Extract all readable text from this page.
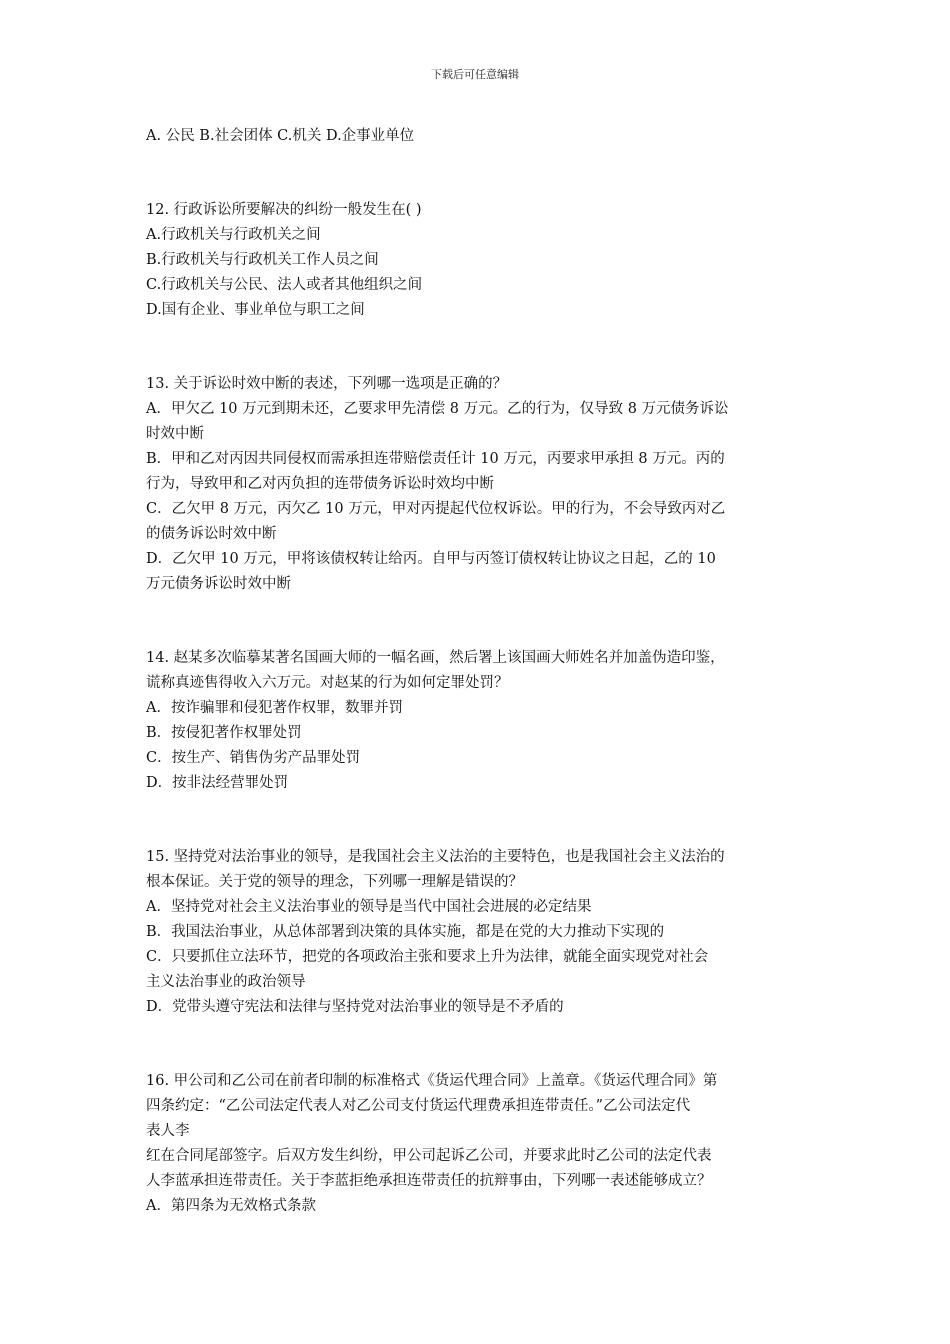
下载后可任意编辑
A. 公民 B.社会团体 C.机关 D.企事业单位
12. 行政诉讼所要解决的纠纷一般发生在( )
A.行政机关与行政机关之间
B.行政机关与行政机关工作人员之间
C.行政机关与公民、法人或者其他组织之间
D.国有企业、事业单位与职工之间
13. 关于诉讼时效中断的表述，下列哪一选项是正确的？
A．甲欠乙 10 万元到期未还，乙要求甲先清偿 8 万元。乙的行为，仅导致 8 万元债务诉讼
时效中断
B．甲和乙对丙因共同侵权而需承担连带赔偿责任计 10 万元，丙要求甲承担 8 万元。丙的
行为，导致甲和乙对丙负担的连带债务诉讼时效均中断
C．乙欠甲 8 万元，丙欠乙 10 万元，甲对丙提起代位权诉讼。甲的行为，不会导致丙对乙
的债务诉讼时效中断
D．乙欠甲 10 万元，甲将该债权转让给丙。自甲与丙签订债权转让协议之日起，乙的 10
万元债务诉讼时效中断
14. 赵某多次临摹某著名国画大师的一幅名画，然后署上该国画大师姓名并加盖伪造印鉴，
谎称真迹售得收入六万元。对赵某的行为如何定罪处罚？
A．按诈骗罪和侵犯著作权罪，数罪并罚
B．按侵犯著作权罪处罚
C．按生产、销售伪劣产品罪处罚
D．按非法经营罪处罚
15. 坚持党对法治事业的领导，是我国社会主义法治的主要特色，也是我国社会主义法治的
根本保证。关于党的领导的理念，下列哪一理解是错误的？
A．坚持党对社会主义法治事业的领导是当代中国社会进展的必定结果
B．我国法治事业，从总体部署到决策的具体实施，都是在党的大力推动下实现的
C．只要抓住立法环节，把党的各项政治主张和要求上升为法律，就能全面实现党对社会
主义法治事业的政治领导
D．党带头遵守宪法和法律与坚持党对法治事业的领导是不矛盾的
16. 甲公司和乙公司在前者印制的标准格式《货运代理合同》上盖章。《货运代理合同》第
四条约定：“乙公司法定代表人对乙公司支付货运代理费承担连带责任。”乙公司法定代
表人李
红在合同尾部签字。后双方发生纠纷，甲公司起诉乙公司，并要求此时乙公司的法定代表
人李蓝承担连带责任。关于李蓝拒绝承担连带责任的抗辩事由，下列哪一表述能够成立？
A．第四条为无效格式条款
